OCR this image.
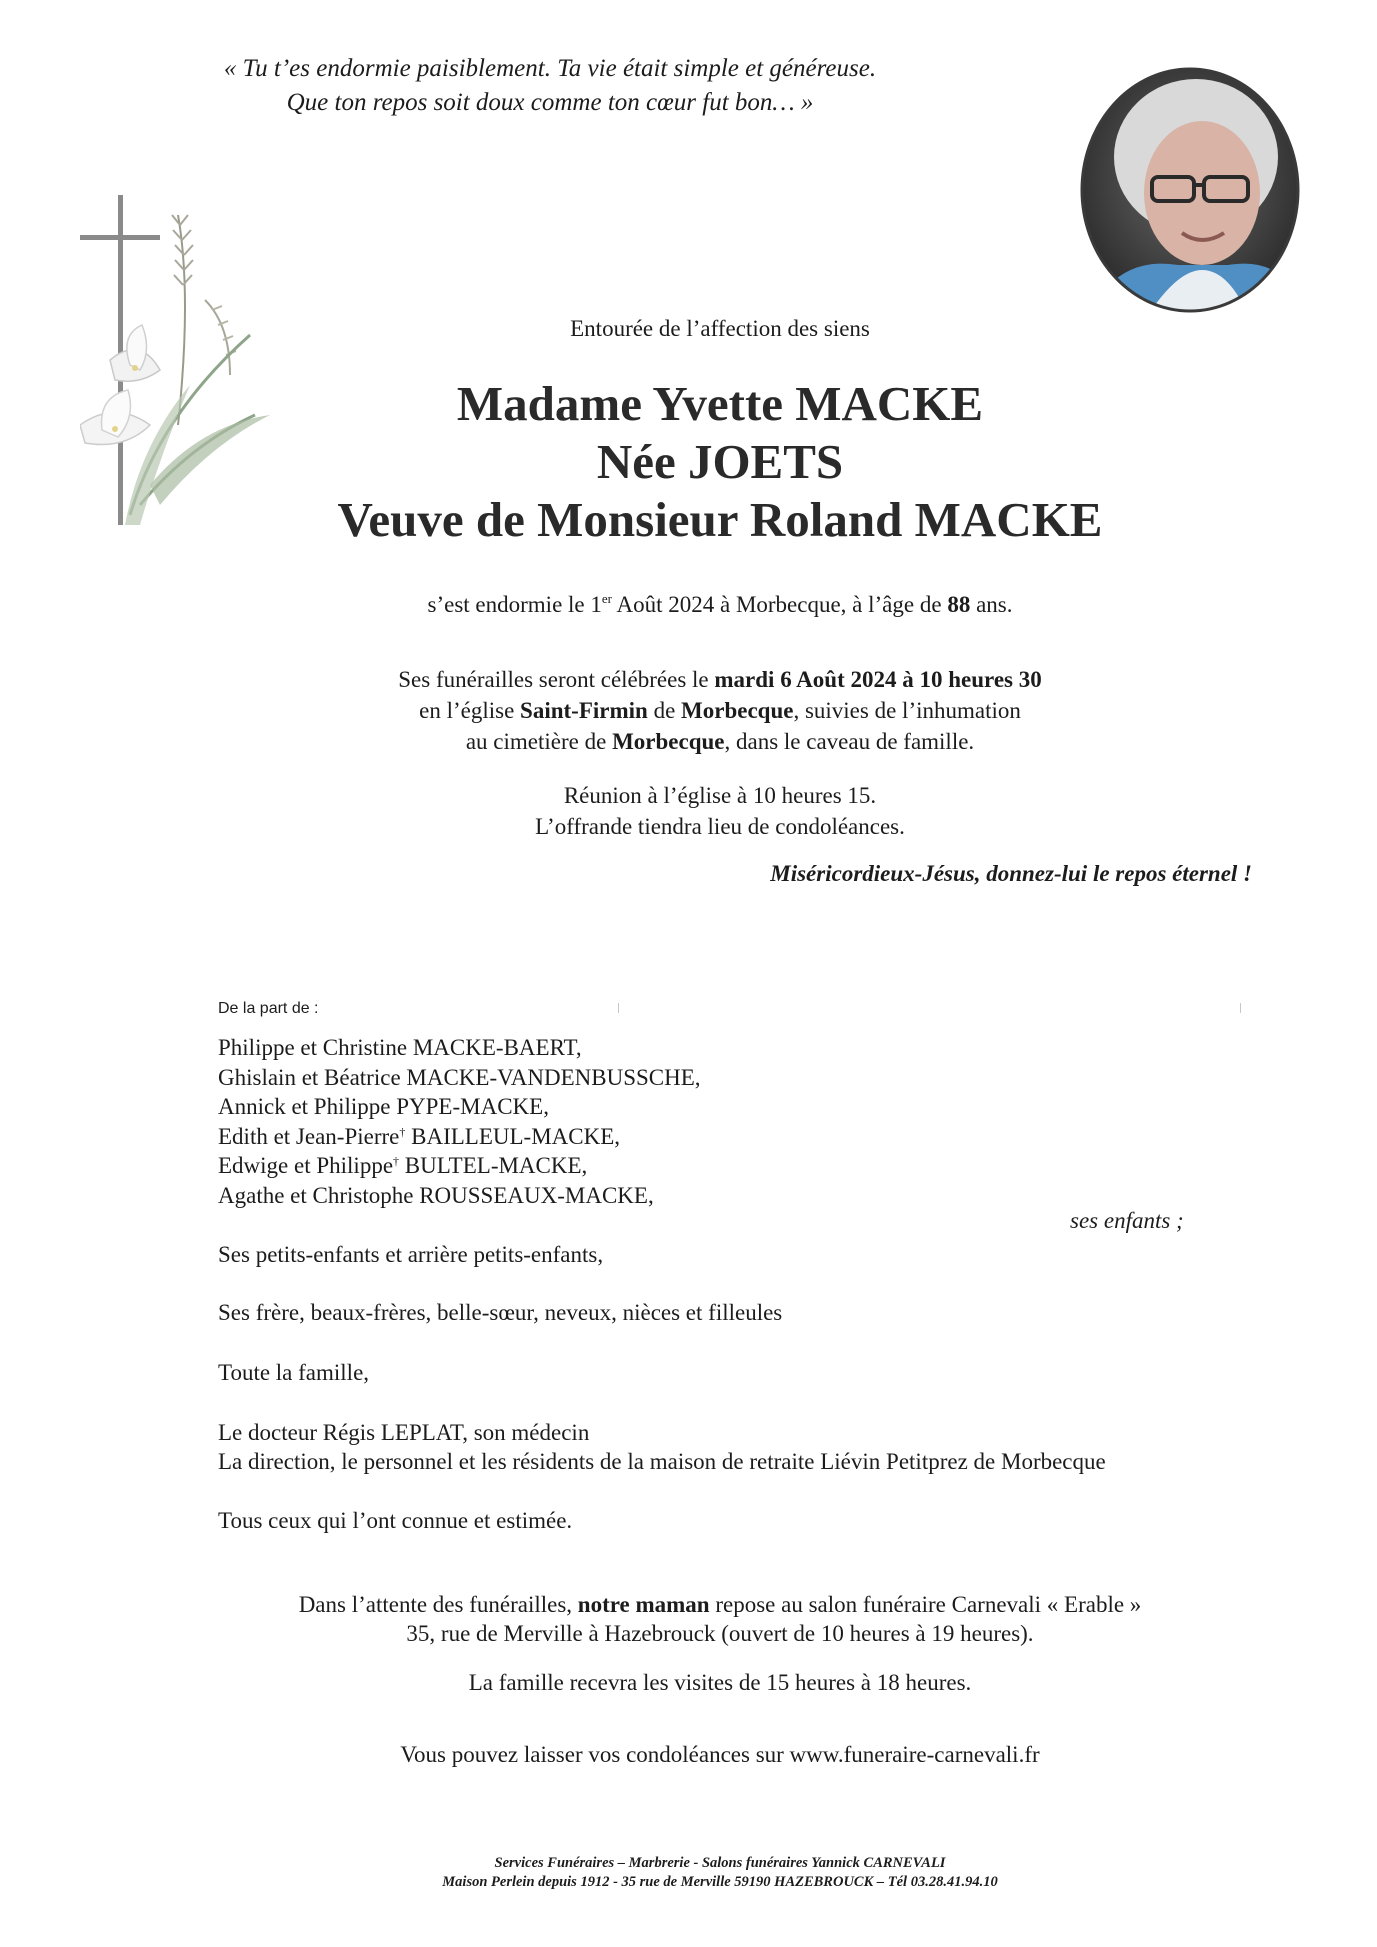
« Tu t’es endormie paisiblement. Ta vie était simple et généreuse.
Que ton repos soit doux comme ton cœur fut bon… »
Entourée de l’affection des siens
Madame Yvette MACKE
Née JOETS
Veuve de Monsieur Roland MACKE
s’est endormie le 1er Août 2024 à Morbecque, à l’âge de 88 ans.
Ses funérailles seront célébrées le mardi 6 Août 2024 à 10 heures 30
en l’église Saint-Firmin de Morbecque, suivies de l’inhumation
au cimetière de Morbecque, dans le caveau de famille.
Réunion à l’église à 10 heures 15.
L’offrande tiendra lieu de condoléances.
Miséricordieux-Jésus, donnez-lui le repos éternel !
De la part de :
Philippe et Christine MACKE-BAERT,
Ghislain et Béatrice MACKE-VANDENBUSSCHE,
Annick et Philippe PYPE-MACKE,
Edith et Jean-Pierre† BAILLEUL-MACKE,
Edwige et Philippe† BULTEL-MACKE,
Agathe et Christophe ROUSSEAUX-MACKE,
ses enfants ;
Ses petits-enfants et arrière petits-enfants,
Ses frère, beaux-frères, belle-sœur, neveux, nièces et filleules
Toute la famille,
Le docteur Régis LEPLAT, son médecin
La direction, le personnel et les résidents de la maison de retraite Liévin Petitprez de Morbecque
Tous ceux qui l’ont connue et estimée.
Dans l’attente des funérailles, notre maman repose au salon funéraire Carnevali « Erable »
35, rue de Merville à Hazebrouck (ouvert de 10 heures à 19 heures).
La famille recevra les visites de 15 heures à 18 heures.
Vous pouvez laisser vos condoléances sur www.funeraire-carnevali.fr
Services Funéraires – Marbrerie - Salons funéraires Yannick CARNEVALI
Maison Perlein depuis 1912 - 35 rue de Merville 59190 HAZEBROUCK – Tél 03.28.41.94.10
